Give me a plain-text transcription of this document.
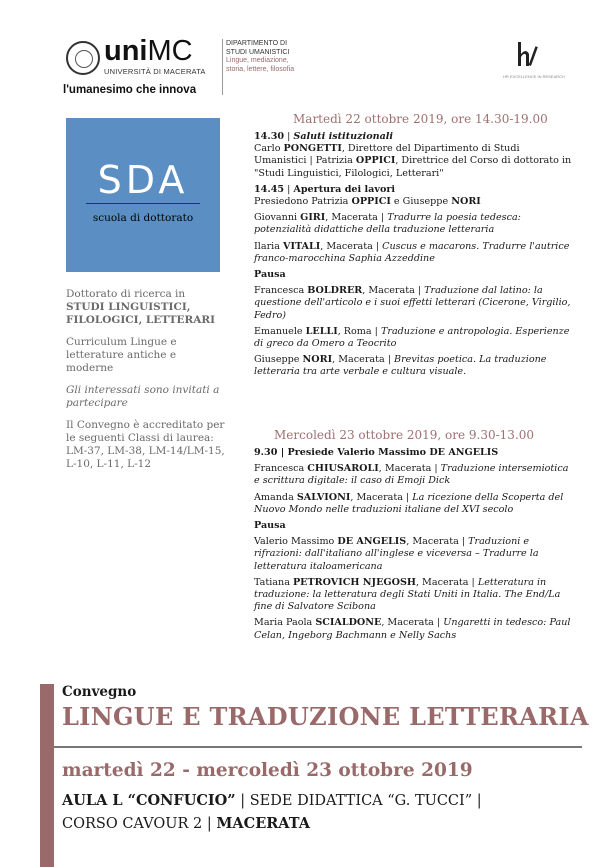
uniMC
UNIVERSITÀ DI MACERATA
l'umanesimo che innova
DIPARTIMENTO DI
STUDI UMANISTICI
Lingue, mediazione,
storia, lettere, filosofia
HR EXCELLENCE IN RESEARCH
SDA
scuola di dottorato

Dottorato di ricerca in STUDI LINGUISTICI, FILOLOGICI, LETTERARI

Curriculum Lingue e letterature antiche e moderne

Gli interessati sono invitati a partecipare

Il Convegno è accreditato per le seguenti Classi di laurea: LM-37, LM-38, LM-14/LM-15, L-10, L-11, L-12

Martedì 22 ottobre 2019, ore 14.30-19.00
14.30 | Saluti istituzionali
Carlo PONGETTI, Direttore del Dipartimento di Studi Umanistici | Patrizia OPPICI, Direttrice del Corso di dottorato in "Studi Linguistici, Filologici, Letterari"
14.45 | Apertura dei lavori
Presiedono Patrizia OPPICI e Giuseppe NORI
Giovanni GIRI, Macerata | Tradurre la poesia tedesca: potenzialità didattiche della traduzione letteraria
Ilaria VITALI, Macerata | Cuscus e macarons. Tradurre l'autrice franco-marocchina Saphia Azzeddine
Pausa
Francesca BOLDRER, Macerata | Traduzione dal latino: la questione dell'articolo e i suoi effetti letterari (Cicerone, Virgilio, Fedro)
Emanuele LELLI, Roma | Traduzione e antropologia. Esperienze di greco da Omero a Teocrito
Giuseppe NORI, Macerata | Brevitas poetica. La traduzione letteraria tra arte verbale e cultura visuale.
Mercoledì 23 ottobre 2019, ore 9.30-13.00
9.30 | Presiede Valerio Massimo DE ANGELIS
Francesca CHIUSAROLI, Macerata | Traduzione intersemiotica e scrittura digitale: il caso di Emoji Dick
Amanda SALVIONI, Macerata | La ricezione della Scoperta del Nuovo Mondo nelle traduzioni italiane del XVI secolo
Pausa
Valerio Massimo DE ANGELIS, Macerata | Traduzioni e rifrazioni: dall'italiano all'inglese e viceversa – Tradurre la letteratura italoamericana
Tatiana PETROVICH NJEGOSH, Macerata | Letteratura in traduzione: la letteratura degli Stati Uniti in Italia. The End/La fine di Salvatore Scibona
Maria Paola SCIALDONE, Macerata | Ungaretti in tedesco: Paul Celan, Ingeborg Bachmann e Nelly Sachs
Convegno
LINGUE E TRADUZIONE LETTERARIA
martedì 22 - mercoledì 23 ottobre 2019
AULA L “CONFUCIO” | SEDE DIDATTICA “G. TUCCI” |
CORSO CAVOUR 2 | MACERATA
